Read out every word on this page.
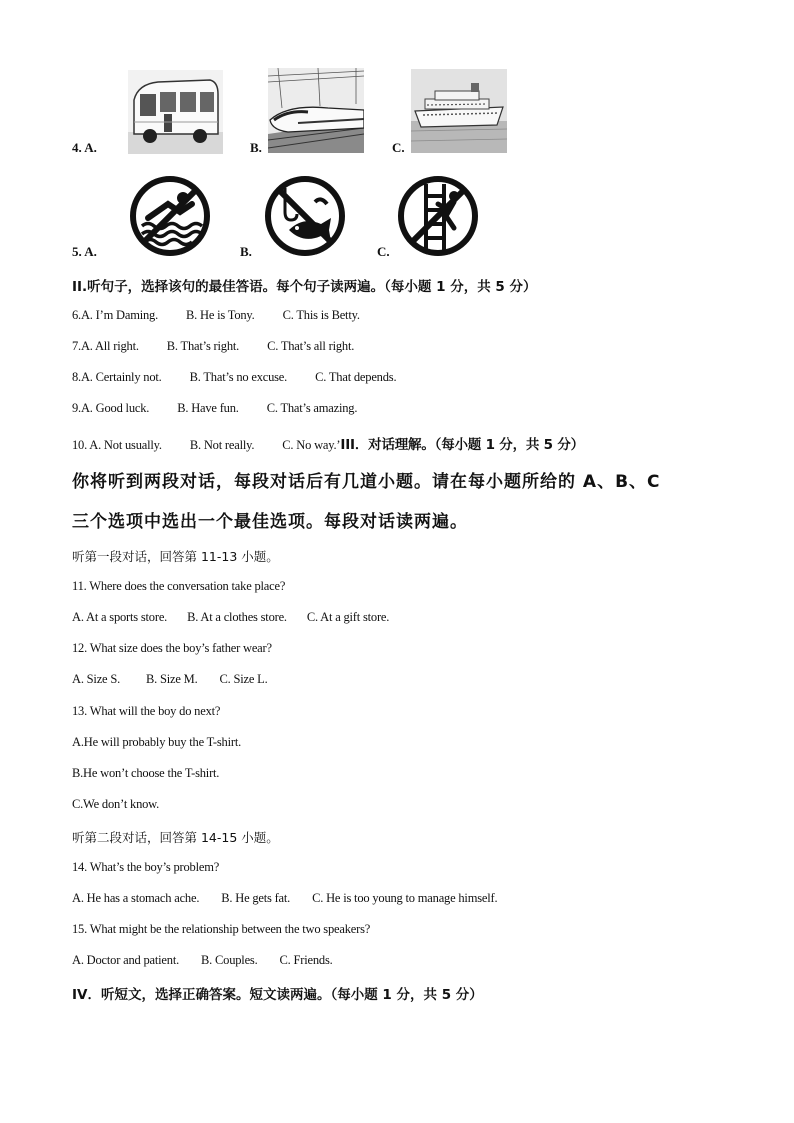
4. A.	B.	C.
5. A.	B.	C.
II.听句子，选择该句的最佳答语。每个句子读两遍。（每小题 1 分，共 5 分）
6.A. I’m Daming. B. He is Tony. C. This is Betty.
7.A. All right. B. That’s right. C. That’s all right.
8.A. Certainly not. B. That’s no excuse. C. That depends.
9.A. Good luck. B. Have fun. C. That’s amazing.
10. A. Not usually. B. Not really. C. No way.’III．对话理解。（每小题 1 分，共 5 分）
你将听到两段对话，每段对话后有几道小题。请在每小题所给的 A、B、C
三个选项中选出一个最佳选项。每段对话读两遍。
听第一段对话，回答第 11-13 小题。
11. Where does the conversation take place?
A. At a sports store. B. At a clothes store. C. At a gift store.
12. What size does the boy’s father wear?
A. Size S. B. Size M. C. Size L.
13. What will the boy do next?
A.He will probably buy the T-shirt.
B.He won’t choose the T-shirt.
C.We don’t know.
听第二段对话，回答第 14-15 小题。
14. What’s the boy’s problem?
A. He has a stomach ache. B. He gets fat. C. He is too young to manage himself.
15. What might be the relationship between the two speakers?
A. Doctor and patient. B. Couples. C. Friends.
IV．听短文，选择正确答案。短文读两遍。（每小题 1 分，共 5 分）
